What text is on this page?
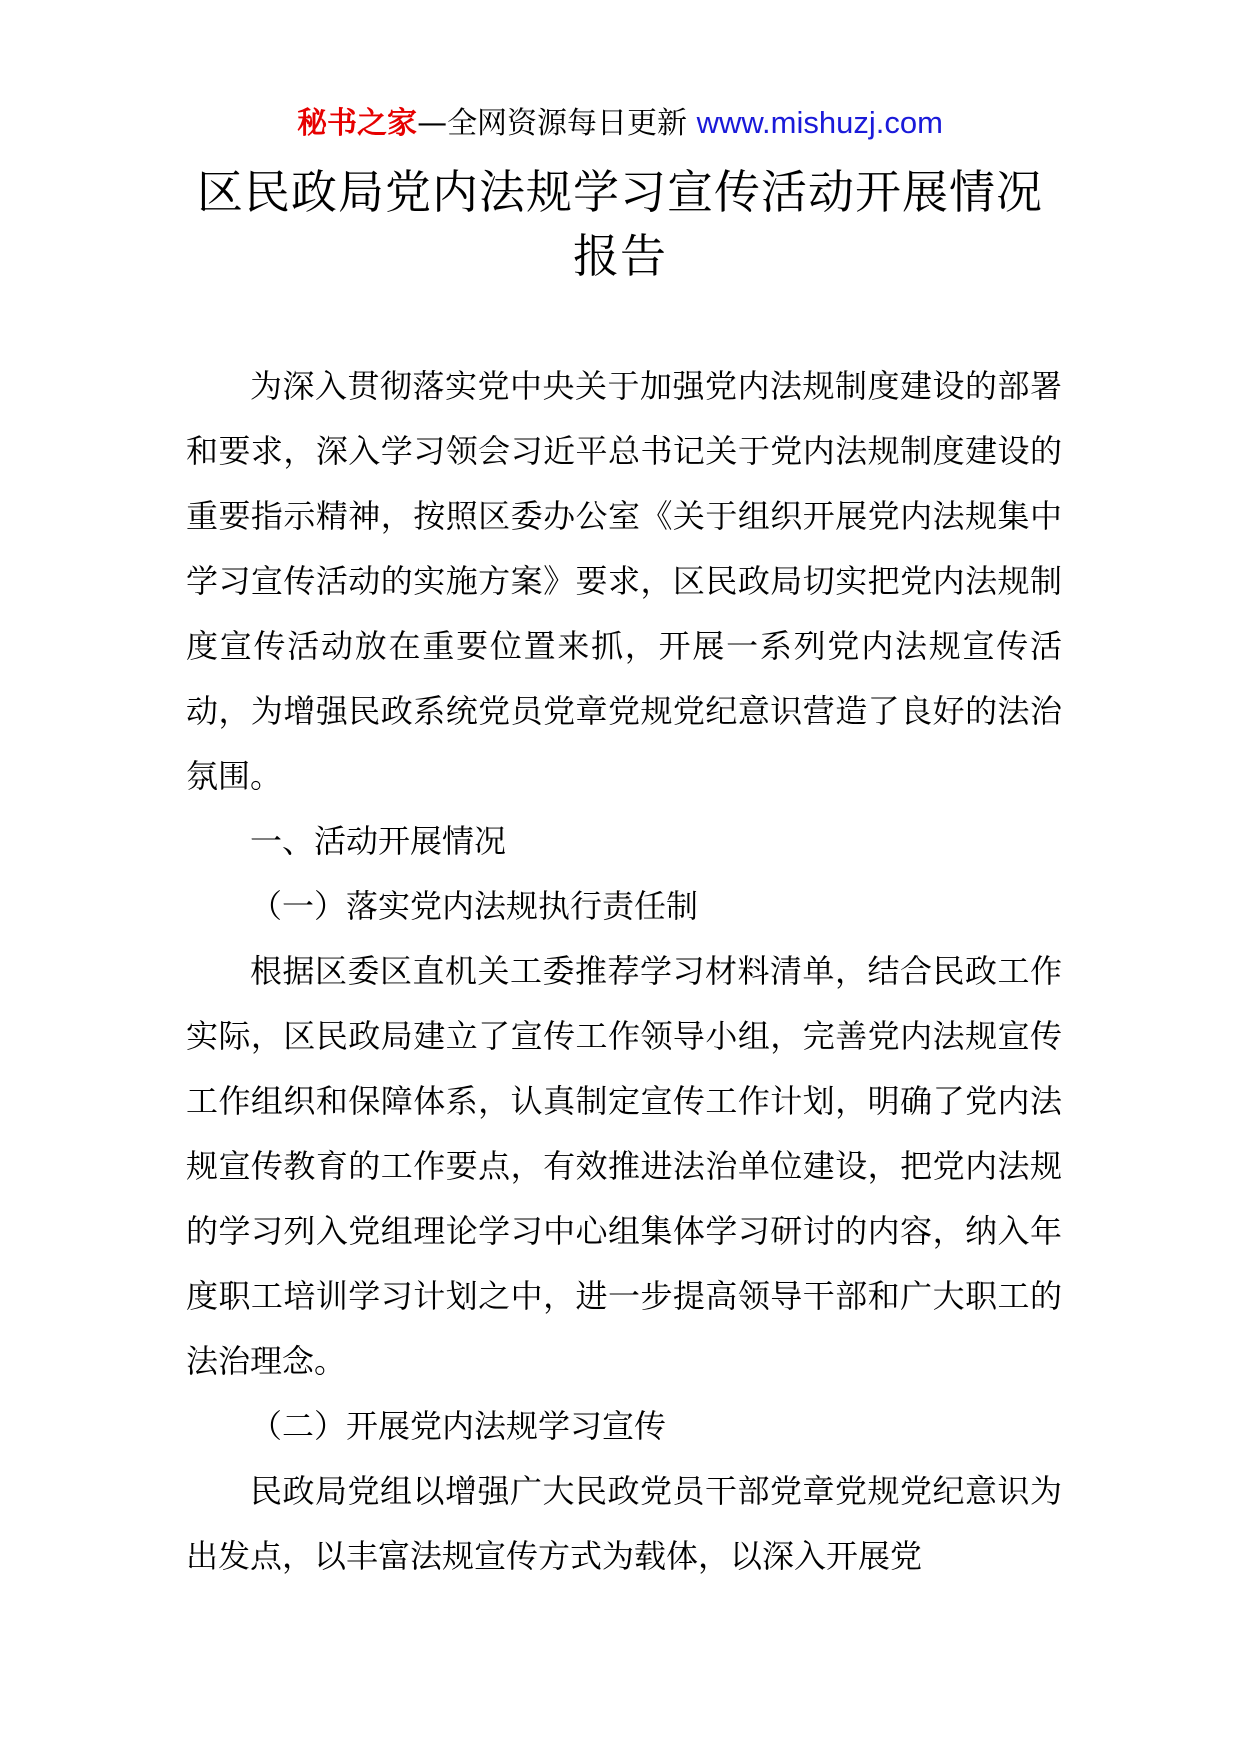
秘书之家—全网资源每日更新 www.mishuzj.com
区民政局党内法规学习宣传活动开展情况
报告

为深入贯彻落实党中央关于加强党内法规制度建设的部署和要求，深入学习领会习近平总书记关于党内法规制度建设的重要指示精神，按照区委办公室《关于组织开展党内法规集中学习宣传活动的实施方案》要求，区民政局切实把党内法规制度宣传活动放在重要位置来抓，开展一系列党内法规宣传活动，为增强民政系统党员党章党规党纪意识营造了良好的法治氛围。

一、活动开展情况

（一）落实党内法规执行责任制

根据区委区直机关工委推荐学习材料清单，结合民政工作实际，区民政局建立了宣传工作领导小组，完善党内法规宣传工作组织和保障体系，认真制定宣传工作计划，明确了党内法规宣传教育的工作要点，有效推进法治单位建设，把党内法规的学习列入党组理论学习中心组集体学习研讨的内容，纳入年度职工培训学习计划之中，进一步提高领导干部和广大职工的法治理念。

（二）开展党内法规学习宣传

民政局党组以增强广大民政党员干部党章党规党纪意识为出发点，以丰富法规宣传方式为载体，以深入开展党
